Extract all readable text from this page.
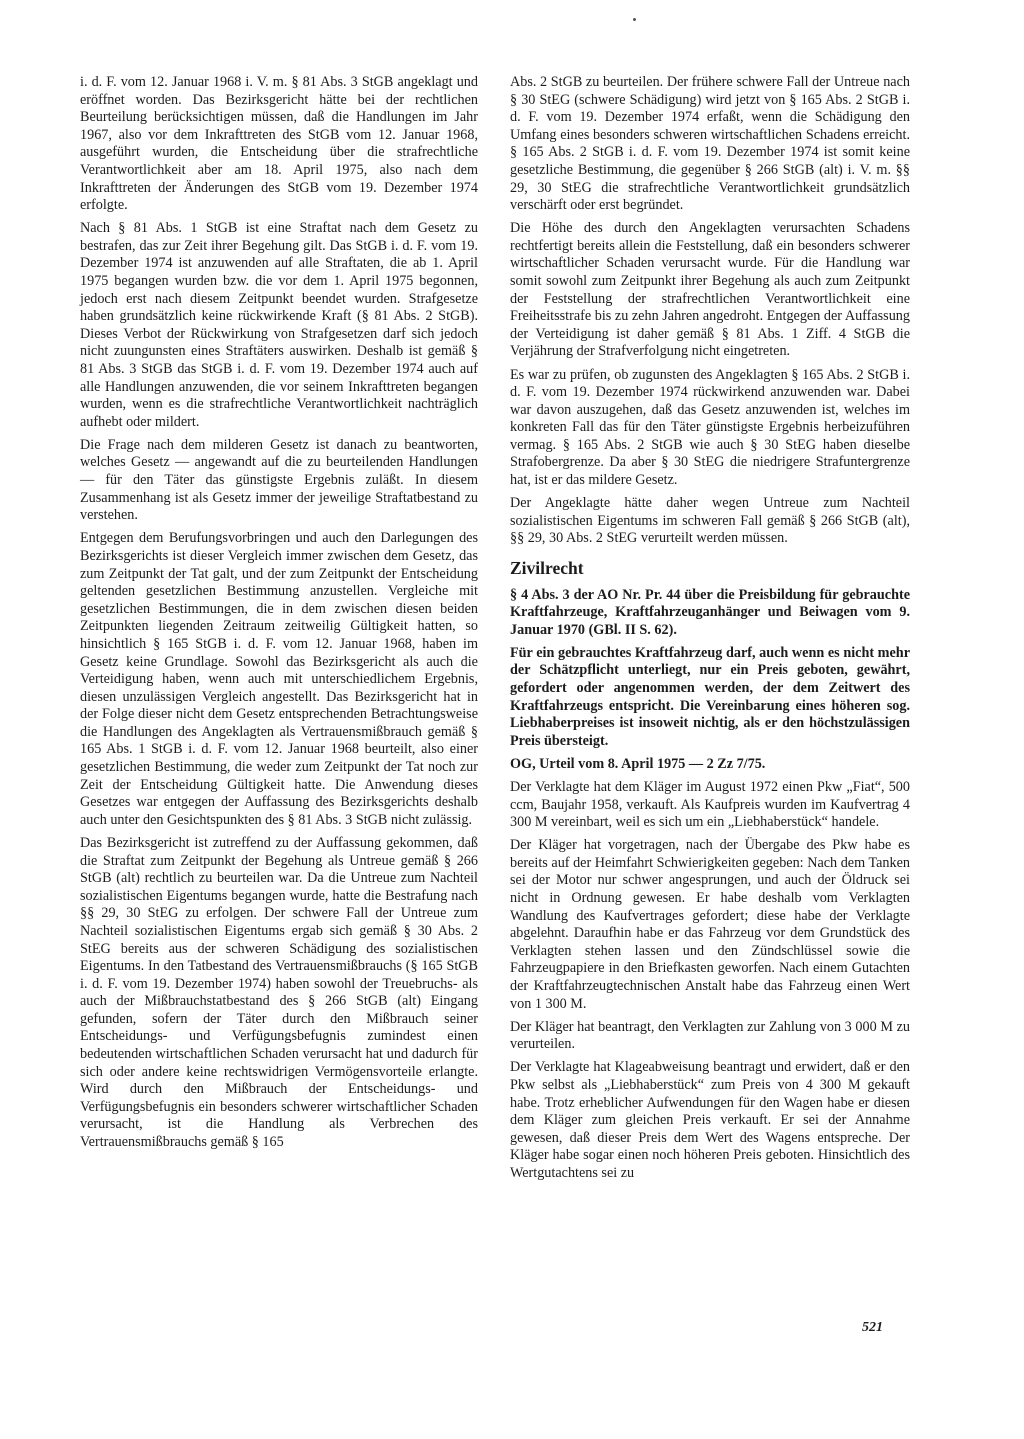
i. d. F. vom 12. Januar 1968 i. V. m. § 81 Abs. 3 StGB angeklagt und eröffnet worden. Das Bezirksgericht hätte bei der rechtlichen Beurteilung berücksichtigen müssen, daß die Handlungen im Jahr 1967, also vor dem Inkrafttreten des StGB vom 12. Januar 1968, ausgeführt wurden, die Entscheidung über die strafrechtliche Verantwortlichkeit aber am 18. April 1975, also nach dem Inkrafttreten der Änderungen des StGB vom 19. Dezember 1974 erfolgte.

Nach § 81 Abs. 1 StGB ist eine Straftat nach dem Gesetz zu bestrafen, das zur Zeit ihrer Begehung gilt. Das StGB i. d. F. vom 19. Dezember 1974 ist anzuwenden auf alle Straftaten, die ab 1. April 1975 begangen wurden bzw. die vor dem 1. April 1975 begonnen, jedoch erst nach diesem Zeitpunkt beendet wurden. Strafgesetze haben grundsätzlich keine rückwirkende Kraft (§ 81 Abs. 2 StGB). Dieses Verbot der Rückwirkung von Strafgesetzen darf sich jedoch nicht zuungunsten eines Straftäters auswirken. Deshalb ist gemäß § 81 Abs. 3 StGB das StGB i. d. F. vom 19. Dezember 1974 auch auf alle Handlungen anzuwenden, die vor seinem Inkrafttreten begangen wurden, wenn es die strafrechtliche Verantwortlichkeit nachträglich aufhebt oder mildert.

Die Frage nach dem milderen Gesetz ist danach zu beantworten, welches Gesetz — angewandt auf die zu beurteilenden Handlungen — für den Täter das günstigste Ergebnis zuläßt. In diesem Zusammenhang ist als Gesetz immer der jeweilige Straftatbestand zu verstehen.

Entgegen dem Berufungsvorbringen und auch den Darlegungen des Bezirksgerichts ist dieser Vergleich immer zwischen dem Gesetz, das zum Zeitpunkt der Tat galt, und der zum Zeitpunkt der Entscheidung geltenden gesetzlichen Bestimmung anzustellen. Vergleiche mit gesetzlichen Bestimmungen, die in dem zwischen diesen beiden Zeitpunkten liegenden Zeitraum zeitweilig Gültigkeit hatten, so hinsichtlich § 165 StGB i. d. F. vom 12. Januar 1968, haben im Gesetz keine Grundlage. Sowohl das Bezirksgericht als auch die Verteidigung haben, wenn auch mit unterschiedlichem Ergebnis, diesen unzulässigen Vergleich angestellt. Das Bezirksgericht hat in der Folge dieser nicht dem Gesetz entsprechenden Betrachtungsweise die Handlungen des Angeklagten als Vertrauensmißbrauch gemäß § 165 Abs. 1 StGB i. d. F. vom 12. Januar 1968 beurteilt, also einer gesetzlichen Bestimmung, die weder zum Zeitpunkt der Tat noch zur Zeit der Entscheidung Gültigkeit hatte. Die Anwendung dieses Gesetzes war entgegen der Auffassung des Bezirksgerichts deshalb auch unter den Gesichtspunkten des § 81 Abs. 3 StGB nicht zulässig.

Das Bezirksgericht ist zutreffend zu der Auffassung gekommen, daß die Straftat zum Zeitpunkt der Begehung als Untreue gemäß § 266 StGB (alt) rechtlich zu beurteilen war. Da die Untreue zum Nachteil sozialistischen Eigentums begangen wurde, hatte die Bestrafung nach §§ 29, 30 StEG zu erfolgen. Der schwere Fall der Untreue zum Nachteil sozialistischen Eigentums ergab sich gemäß § 30 Abs. 2 StEG bereits aus der schweren Schädigung des sozialistischen Eigentums. In den Tatbestand des Vertrauensmißbrauchs (§ 165 StGB i. d. F. vom 19. Dezember 1974) haben sowohl der Treuebruchs- als auch der Mißbrauchstatbestand des § 266 StGB (alt) Eingang gefunden, sofern der Täter durch den Mißbrauch seiner Entscheidungs- und Verfügungsbefugnis zumindest einen bedeutenden wirtschaftlichen Schaden verursacht hat und dadurch für sich oder andere keine rechtswidrigen Vermögensvorteile erlangte. Wird durch den Mißbrauch der Entscheidungs- und Verfügungsbefugnis ein besonders schwerer wirtschaftlicher Schaden verursacht, ist die Handlung als Verbrechen des Vertrauensmißbrauchs gemäß § 165

Abs. 2 StGB zu beurteilen. Der frühere schwere Fall der Untreue nach § 30 StEG (schwere Schädigung) wird jetzt von § 165 Abs. 2 StGB i. d. F. vom 19. Dezember 1974 erfaßt, wenn die Schädigung den Umfang eines besonders schweren wirtschaftlichen Schadens erreicht. § 165 Abs. 2 StGB i. d. F. vom 19. Dezember 1974 ist somit keine gesetzliche Bestimmung, die gegenüber § 266 StGB (alt) i. V. m. §§ 29, 30 StEG die strafrechtliche Verantwortlichkeit grundsätzlich verschärft oder erst begründet.

Die Höhe des durch den Angeklagten verursachten Schadens rechtfertigt bereits allein die Feststellung, daß ein besonders schwerer wirtschaftlicher Schaden verursacht wurde. Für die Handlung war somit sowohl zum Zeitpunkt ihrer Begehung als auch zum Zeitpunkt der Feststellung der strafrechtlichen Verantwortlichkeit eine Freiheitsstrafe bis zu zehn Jahren angedroht. Entgegen der Auffassung der Verteidigung ist daher gemäß § 81 Abs. 1 Ziff. 4 StGB die Verjährung der Strafverfolgung nicht eingetreten.

Es war zu prüfen, ob zugunsten des Angeklagten § 165 Abs. 2 StGB i. d. F. vom 19. Dezember 1974 rückwirkend anzuwenden war. Dabei war davon auszugehen, daß das Gesetz anzuwenden ist, welches im konkreten Fall das für den Täter günstigste Ergebnis herbeizuführen vermag. § 165 Abs. 2 StGB wie auch § 30 StEG haben dieselbe Strafobergrenze. Da aber § 30 StEG die niedrigere Strafuntergrenze hat, ist er das mildere Gesetz.

Der Angeklagte hätte daher wegen Untreue zum Nachteil sozialistischen Eigentums im schweren Fall gemäß § 266 StGB (alt), §§ 29, 30 Abs. 2 StEG verurteilt werden müssen.

Zivilrecht

§ 4 Abs. 3 der AO Nr. Pr. 44 über die Preisbildung für gebrauchte Kraftfahrzeuge, Kraftfahrzeuganhänger und Beiwagen vom 9. Januar 1970 (GBl. II S. 62).

Für ein gebrauchtes Kraftfahrzeug darf, auch wenn es nicht mehr der Schätzpflicht unterliegt, nur ein Preis geboten, gewährt, gefordert oder angenommen werden, der dem Zeitwert des Kraftfahrzeugs entspricht. Die Vereinbarung eines höheren sog. Liebhaberpreises ist insoweit nichtig, als er den höchstzulässigen Preis übersteigt.

OG, Urteil vom 8. April 1975 — 2 Zz 7/75.

Der Verklagte hat dem Kläger im August 1972 einen Pkw „Fiat“, 500 ccm, Baujahr 1958, verkauft. Als Kaufpreis wurden im Kaufvertrag 4 300 M vereinbart, weil es sich um ein „Liebhaberstück“ handele.

Der Kläger hat vorgetragen, nach der Übergabe des Pkw habe es bereits auf der Heimfahrt Schwierigkeiten gegeben: Nach dem Tanken sei der Motor nur schwer angesprungen, und auch der Öldruck sei nicht in Ordnung gewesen. Er habe deshalb vom Verklagten Wandlung des Kaufvertrages gefordert; diese habe der Verklagte abgelehnt. Daraufhin habe er das Fahrzeug vor dem Grundstück des Verklagten stehen lassen und den Zündschlüssel sowie die Fahrzeugpapiere in den Briefkasten geworfen. Nach einem Gutachten der Kraftfahrzeugtechnischen Anstalt habe das Fahrzeug einen Wert von 1 300 M.

Der Kläger hat beantragt, den Verklagten zur Zahlung von 3 000 M zu verurteilen.

Der Verklagte hat Klageabweisung beantragt und erwidert, daß er den Pkw selbst als „Liebhaberstück“ zum Preis von 4 300 M gekauft habe. Trotz erheblicher Aufwendungen für den Wagen habe er diesen dem Kläger zum gleichen Preis verkauft. Er sei der Annahme gewesen, daß dieser Preis dem Wert des Wagens entspreche. Der Kläger habe sogar einen noch höheren Preis geboten. Hinsichtlich des Wertgutachtens sei zu

521
